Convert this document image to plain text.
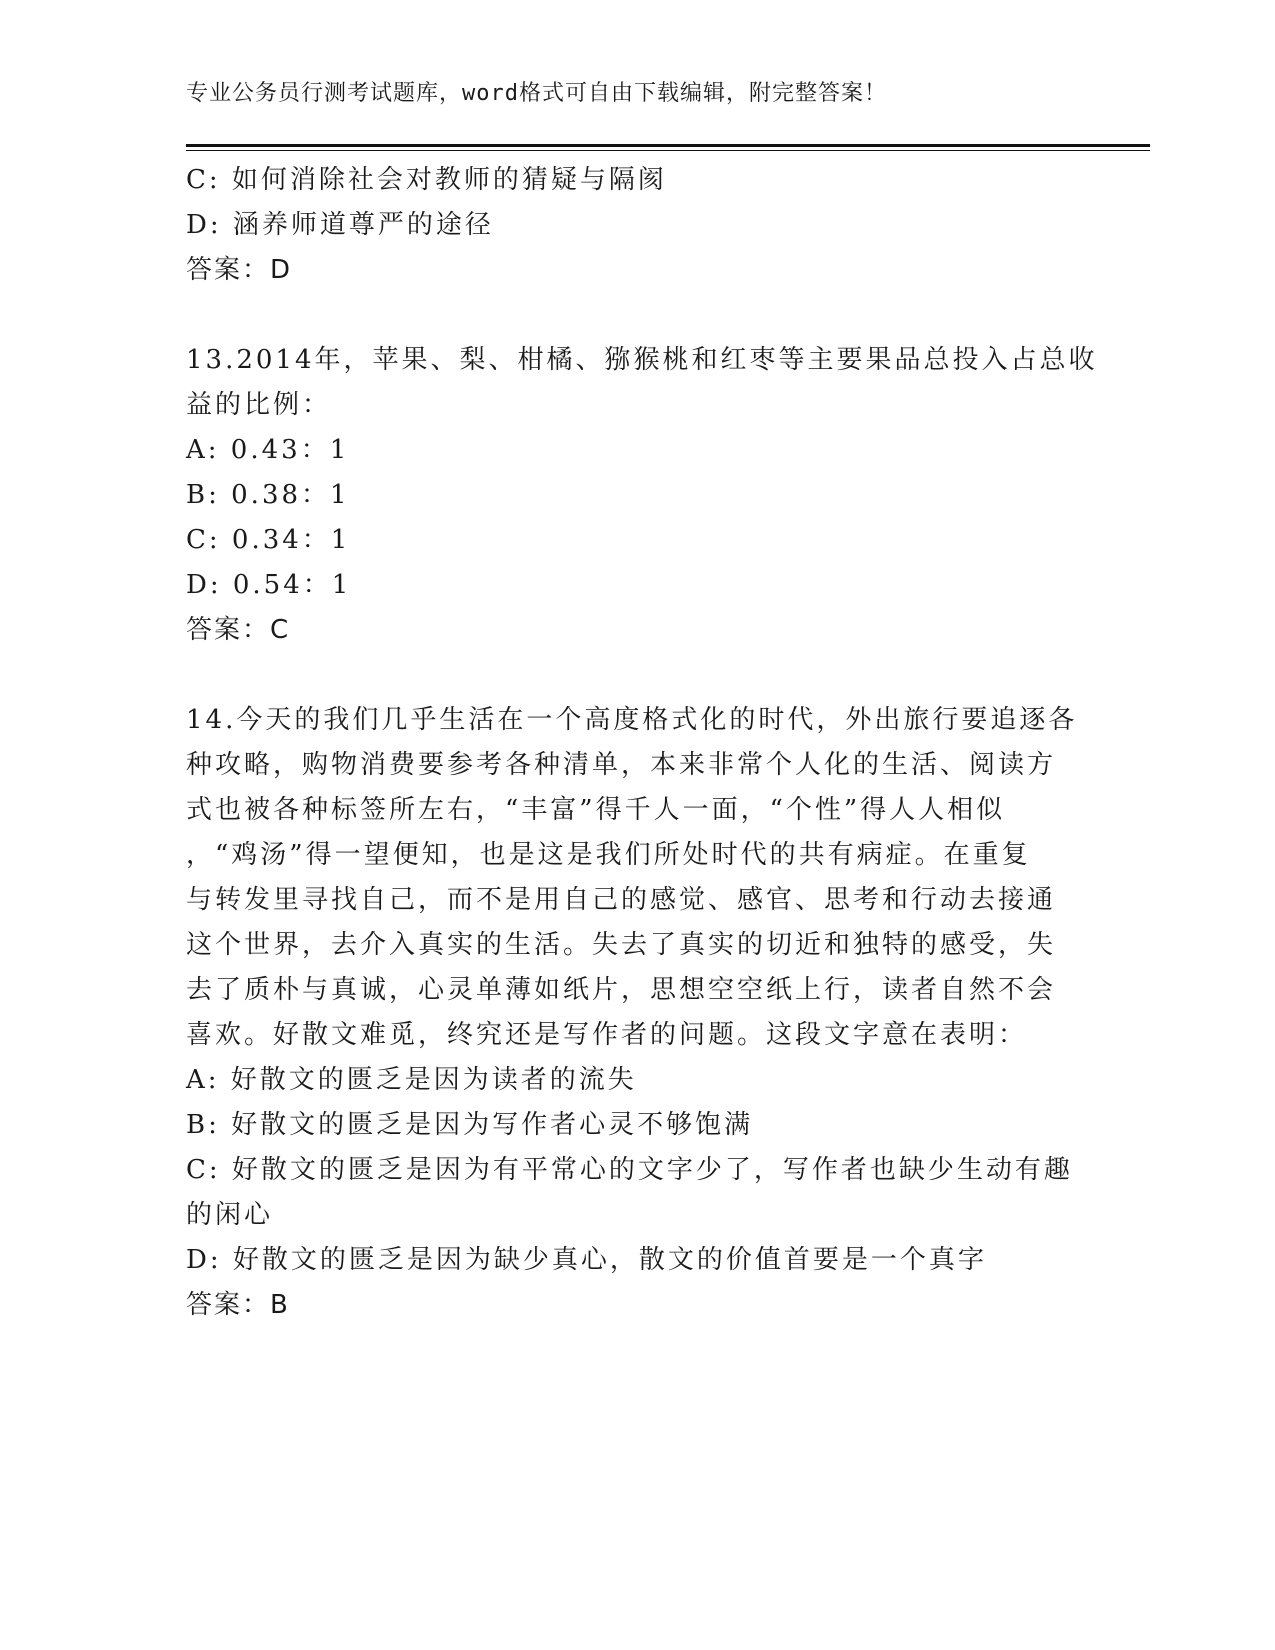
专业公务员行测考试题库，word格式可自由下载编辑，附完整答案！
C: 如何消除社会对教师的猜疑与隔阂
D: 涵养师道尊严的途径
答案：D
13.2014年，苹果、梨、柑橘、猕猴桃和红枣等主要果品总投入占总收
益的比例：
A: 0.43：1
B: 0.38：1
C: 0.34：1
D: 0.54：1
答案：C
14.今天的我们几乎生活在一个高度格式化的时代，外出旅行要追逐各
种攻略，购物消费要参考各种清单，本来非常个人化的生活、阅读方
式也被各种标签所左右，“丰富”得千人一面，“个性”得人人相似
，“鸡汤”得一望便知，也是这是我们所处时代的共有病症。在重复
与转发里寻找自己，而不是用自己的感觉、感官、思考和行动去接通
这个世界，去介入真实的生活。失去了真实的切近和独特的感受，失
去了质朴与真诚，心灵单薄如纸片，思想空空纸上行，读者自然不会
喜欢。好散文难觅，终究还是写作者的问题。这段文字意在表明：
A: 好散文的匮乏是因为读者的流失
B: 好散文的匮乏是因为写作者心灵不够饱满
C: 好散文的匮乏是因为有平常心的文字少了，写作者也缺少生动有趣
的闲心
D: 好散文的匮乏是因为缺少真心，散文的价值首要是一个真字
答案：B
